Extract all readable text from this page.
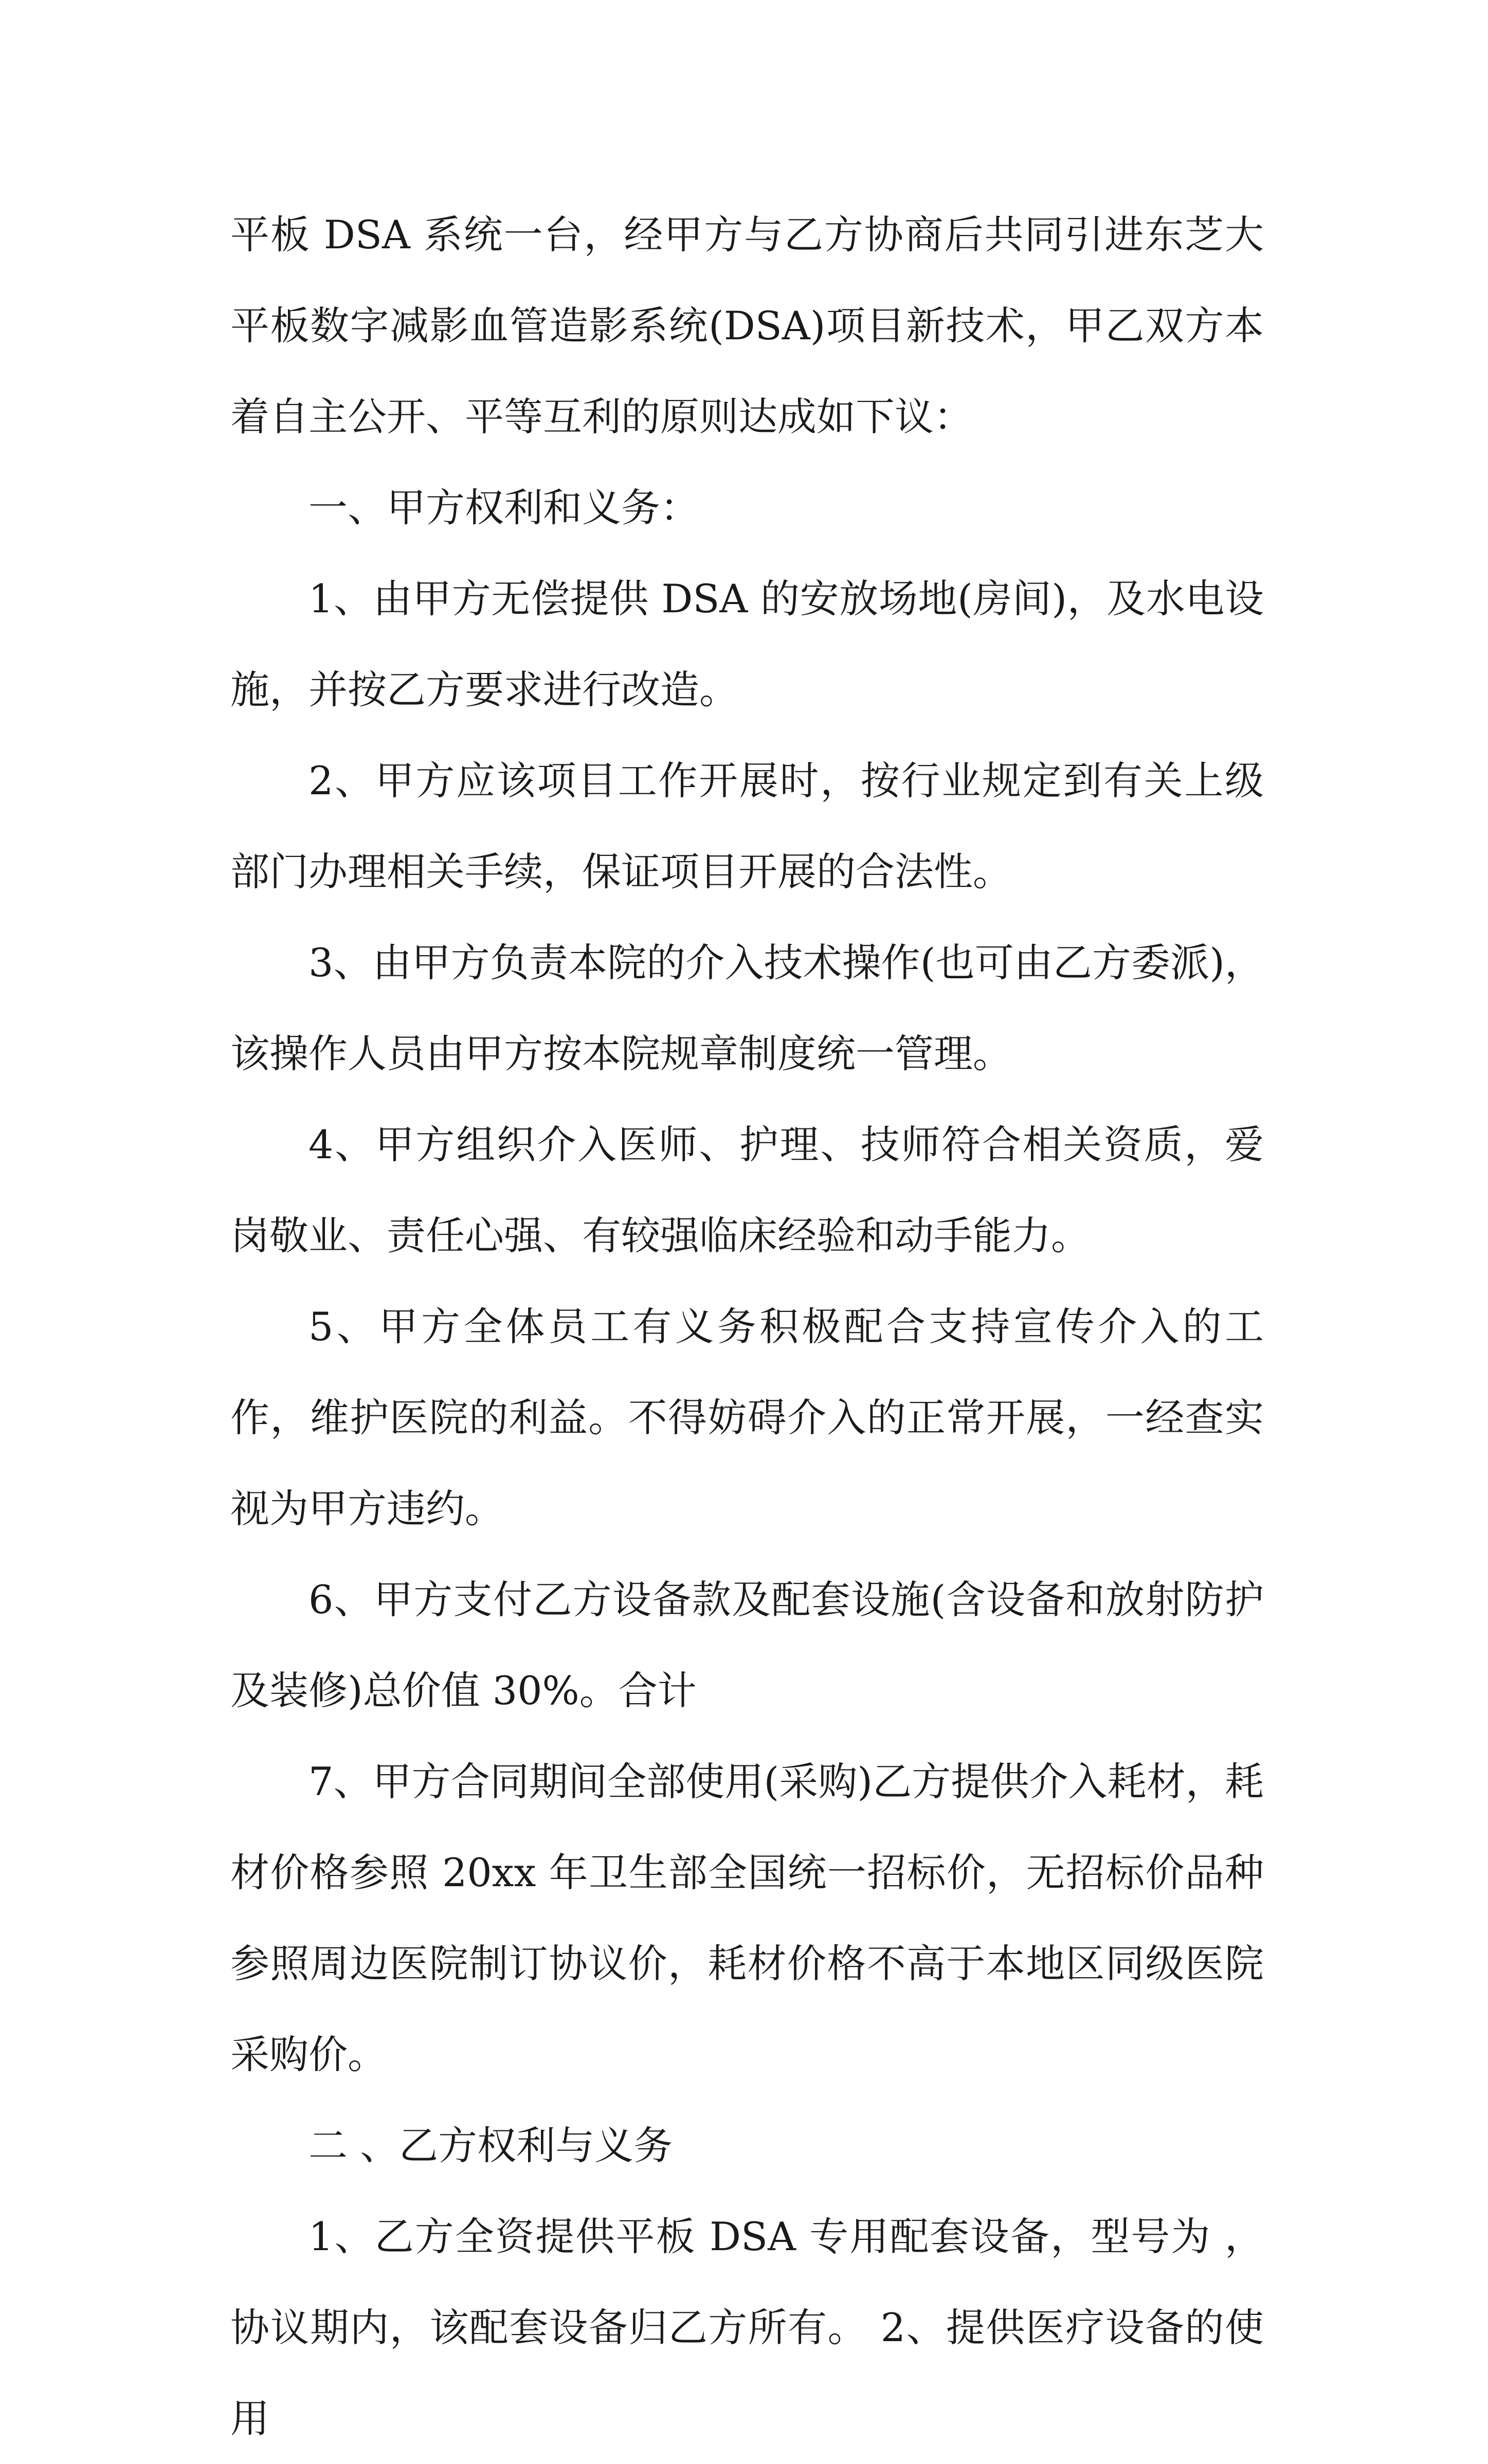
平板 DSA 系统一台，经甲方与乙方协商后共同引进东芝大平板数字减影血管造影系统(DSA)项目新技术，甲乙双方本着自主公开、平等互利的原则达成如下议：

一、甲方权利和义务：

1、由甲方无偿提供 DSA 的安放场地(房间)，及水电设施，并按乙方要求进行改造。

2、甲方应该项目工作开展时，按行业规定到有关上级部门办理相关手续，保证项目开展的合法性。

3、由甲方负责本院的介入技术操作(也可由乙方委派)，该操作人员由甲方按本院规章制度统一管理。

4、甲方组织介入医师、护理、技师符合相关资质，爱岗敬业、责任心强、有较强临床经验和动手能力。

5、甲方全体员工有义务积极配合支持宣传介入的工作，维护医院的利益。不得妨碍介入的正常开展，一经查实视为甲方违约。

6、甲方支付乙方设备款及配套设施(含设备和放射防护及装修)总价值 30%。合计

7、甲方合同期间全部使用(采购)乙方提供介入耗材，耗材价格参照 20xx 年卫生部全国统一招标价，无招标价品种参照周边医院制订协议价，耗材价格不高于本地区同级医院采购价。

二 、乙方权利与义务

1、乙方全资提供平板 DSA 专用配套设备，型号为 ，协议期内，该配套设备归乙方所有。 2、提供医疗设备的使用
